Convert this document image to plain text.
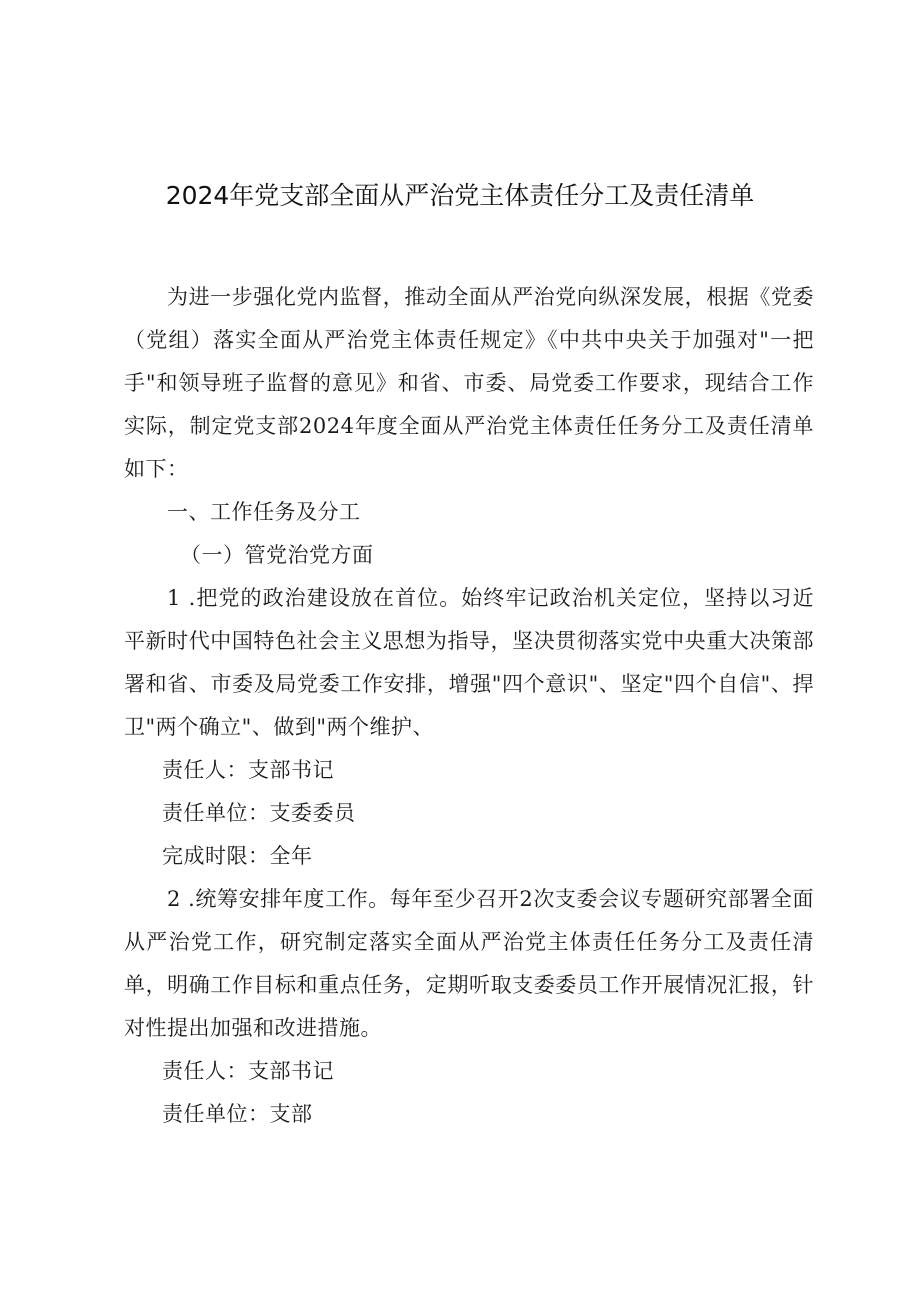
2024年党支部全面从严治党主体责任分工及责任清单

为进一步强化党内监督，推动全面从严治党向纵深发展，根据《党委（党组）落实全面从严治党主体责任规定》《中共中央关于加强对"一把手"和领导班子监督的意见》和省、市委、局党委工作要求，现结合工作实际，制定党支部2024年度全面从严治党主体责任任务分工及责任清单如下：

一、工作任务及分工

（一）管党治党方面

1 .把党的政治建设放在首位。始终牢记政治机关定位，坚持以习近平新时代中国特色社会主义思想为指导，坚决贯彻落实党中央重大决策部署和省、市委及局党委工作安排，增强"四个意识"、坚定"四个自信"、捍卫"两个确立"、做到"两个维护、

责任人：支部书记

责任单位：支委委员

完成时限：全年

2 .统筹安排年度工作。每年至少召开2次支委会议专题研究部署全面从严治党工作，研究制定落实全面从严治党主体责任任务分工及责任清单，明确工作目标和重点任务，定期听取支委委员工作开展情况汇报，针对性提出加强和改进措施。

责任人：支部书记

责任单位：支部
